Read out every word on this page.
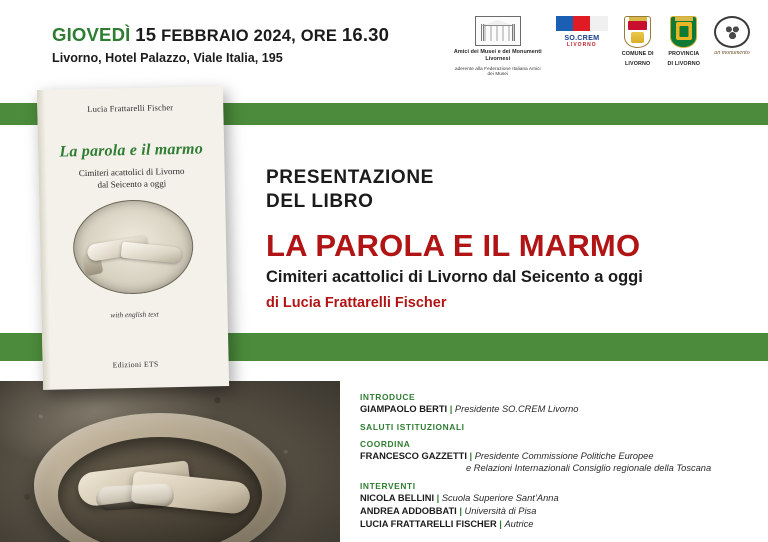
GIOVEDÌ 15 FEBBRAIO 2024, ORE 16.30
Livorno, Hotel Palazzo, Viale Italia, 195	Amici dei Musei e dei Monumenti Livornesi
aderente alla Federazione Italiana Amici dei Musei
SO.CREM
LIVORNO
COMUNE DI
LIVORNO
PROVINCIA
DI LIVORNO
un monumento
Lucia Frattarelli Fischer
La parola e il marmo
Cimiteri acattolici di Livorno
dal Seicento a oggi
with english text
Edizioni ETS
PRESENTAZIONE
DEL LIBRO
LA PAROLA E IL MARMO
Cimiteri acattolici di Livorno dal Seicento a oggi
di Lucia Frattarelli Fischer
INTRODUCE
GIAMPAOLO BERTI | Presidente SO.CREM Livorno
SALUTI ISTITUZIONALI
COORDINA
FRANCESCO GAZZETTI | Presidente Commissione Politiche Europee
e Relazioni Internazionali Consiglio regionale della Toscana
INTERVENTI
NICOLA BELLINI | Scuola Superiore Sant’Anna
ANDREA ADDOBBATI | Università di Pisa
LUCIA FRATTARELLI FISCHER | Autrice
